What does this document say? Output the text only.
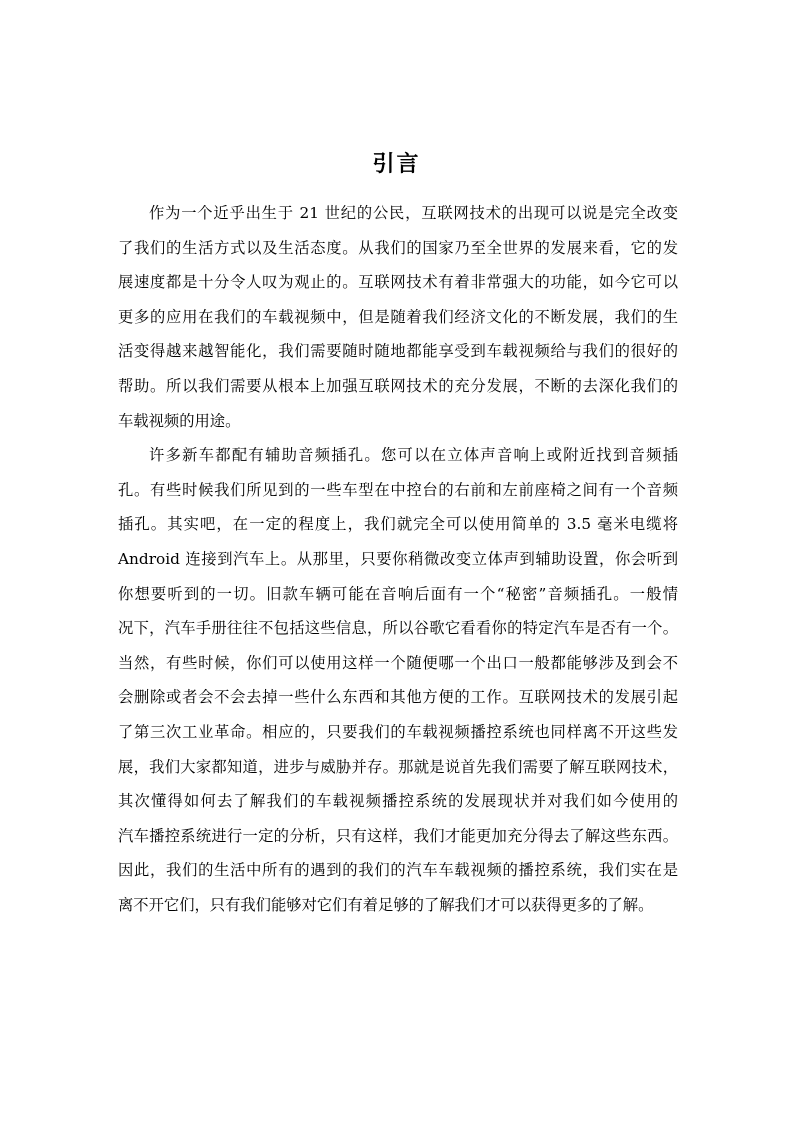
引言
作为一个近乎出生于 21 世纪的公民，互联网技术的出现可以说是完全改变
了我们的生活方式以及生活态度。从我们的国家乃至全世界的发展来看，它的发
展速度都是十分令人叹为观止的。互联网技术有着非常强大的功能，如今它可以
更多的应用在我们的车载视频中，但是随着我们经济文化的不断发展，我们的生
活变得越来越智能化，我们需要随时随地都能享受到车载视频给与我们的很好的
帮助。所以我们需要从根本上加强互联网技术的充分发展，不断的去深化我们的
车载视频的用途。
许多新车都配有辅助音频插孔。您可以在立体声音响上或附近找到音频插
孔。有些时候我们所见到的一些车型在中控台的右前和左前座椅之间有一个音频
插孔。其实吧，在一定的程度上，我们就完全可以使用简单的 3.5 毫米电缆将
Android 连接到汽车上。从那里，只要你稍微改变立体声到辅助设置，你会听到
你想要听到的一切。旧款车辆可能在音响后面有一个“秘密”音频插孔。一般情
况下，汽车手册往往不包括这些信息，所以谷歌它看看你的特定汽车是否有一个。
当然，有些时候，你们可以使用这样一个随便哪一个出口一般都能够涉及到会不
会删除或者会不会去掉一些什么东西和其他方便的工作。互联网技术的发展引起
了第三次工业革命。相应的，只要我们的车载视频播控系统也同样离不开这些发
展，我们大家都知道，进步与威胁并存。那就是说首先我们需要了解互联网技术，
其次懂得如何去了解我们的车载视频播控系统的发展现状并对我们如今使用的
汽车播控系统进行一定的分析，只有这样，我们才能更加充分得去了解这些东西。
因此，我们的生活中所有的遇到的我们的汽车车载视频的播控系统，我们实在是
离不开它们，只有我们能够对它们有着足够的了解我们才可以获得更多的了解。
